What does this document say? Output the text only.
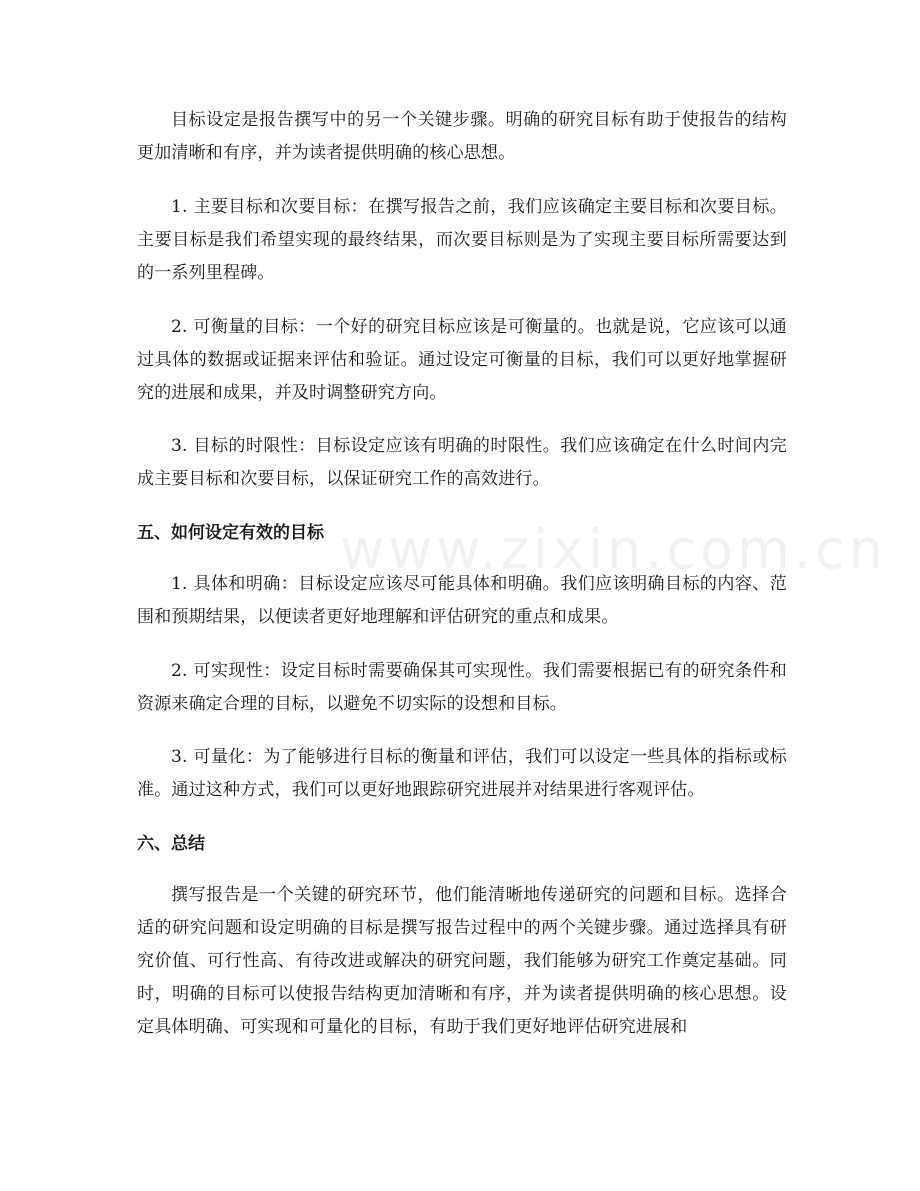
www.zixin.com.cn

目标设定是报告撰写中的另一个关键步骤。明确的研究目标有助于使报告的结构更加清晰和有序，并为读者提供明确的核心思想。

1. 主要目标和次要目标：在撰写报告之前，我们应该确定主要目标和次要目标。主要目标是我们希望实现的最终结果，而次要目标则是为了实现主要目标所需要达到的一系列里程碑。

2. 可衡量的目标：一个好的研究目标应该是可衡量的。也就是说，它应该可以通过具体的数据或证据来评估和验证。通过设定可衡量的目标，我们可以更好地掌握研究的进展和成果，并及时调整研究方向。

3. 目标的时限性：目标设定应该有明确的时限性。我们应该确定在什么时间内完成主要目标和次要目标，以保证研究工作的高效进行。

五、如何设定有效的目标

1. 具体和明确：目标设定应该尽可能具体和明确。我们应该明确目标的内容、范围和预期结果，以便读者更好地理解和评估研究的重点和成果。

2. 可实现性：设定目标时需要确保其可实现性。我们需要根据已有的研究条件和资源来确定合理的目标，以避免不切实际的设想和目标。

3. 可量化：为了能够进行目标的衡量和评估，我们可以设定一些具体的指标或标准。通过这种方式，我们可以更好地跟踪研究进展并对结果进行客观评估。

六、总结

撰写报告是一个关键的研究环节，他们能清晰地传递研究的问题和目标。选择合适的研究问题和设定明确的目标是撰写报告过程中的两个关键步骤。通过选择具有研究价值、可行性高、有待改进或解决的研究问题，我们能够为研究工作奠定基础。同时，明确的目标可以使报告结构更加清晰和有序，并为读者提供明确的核心思想。设定具体明确、可实现和可量化的目标，有助于我们更好地评估研究进展和
